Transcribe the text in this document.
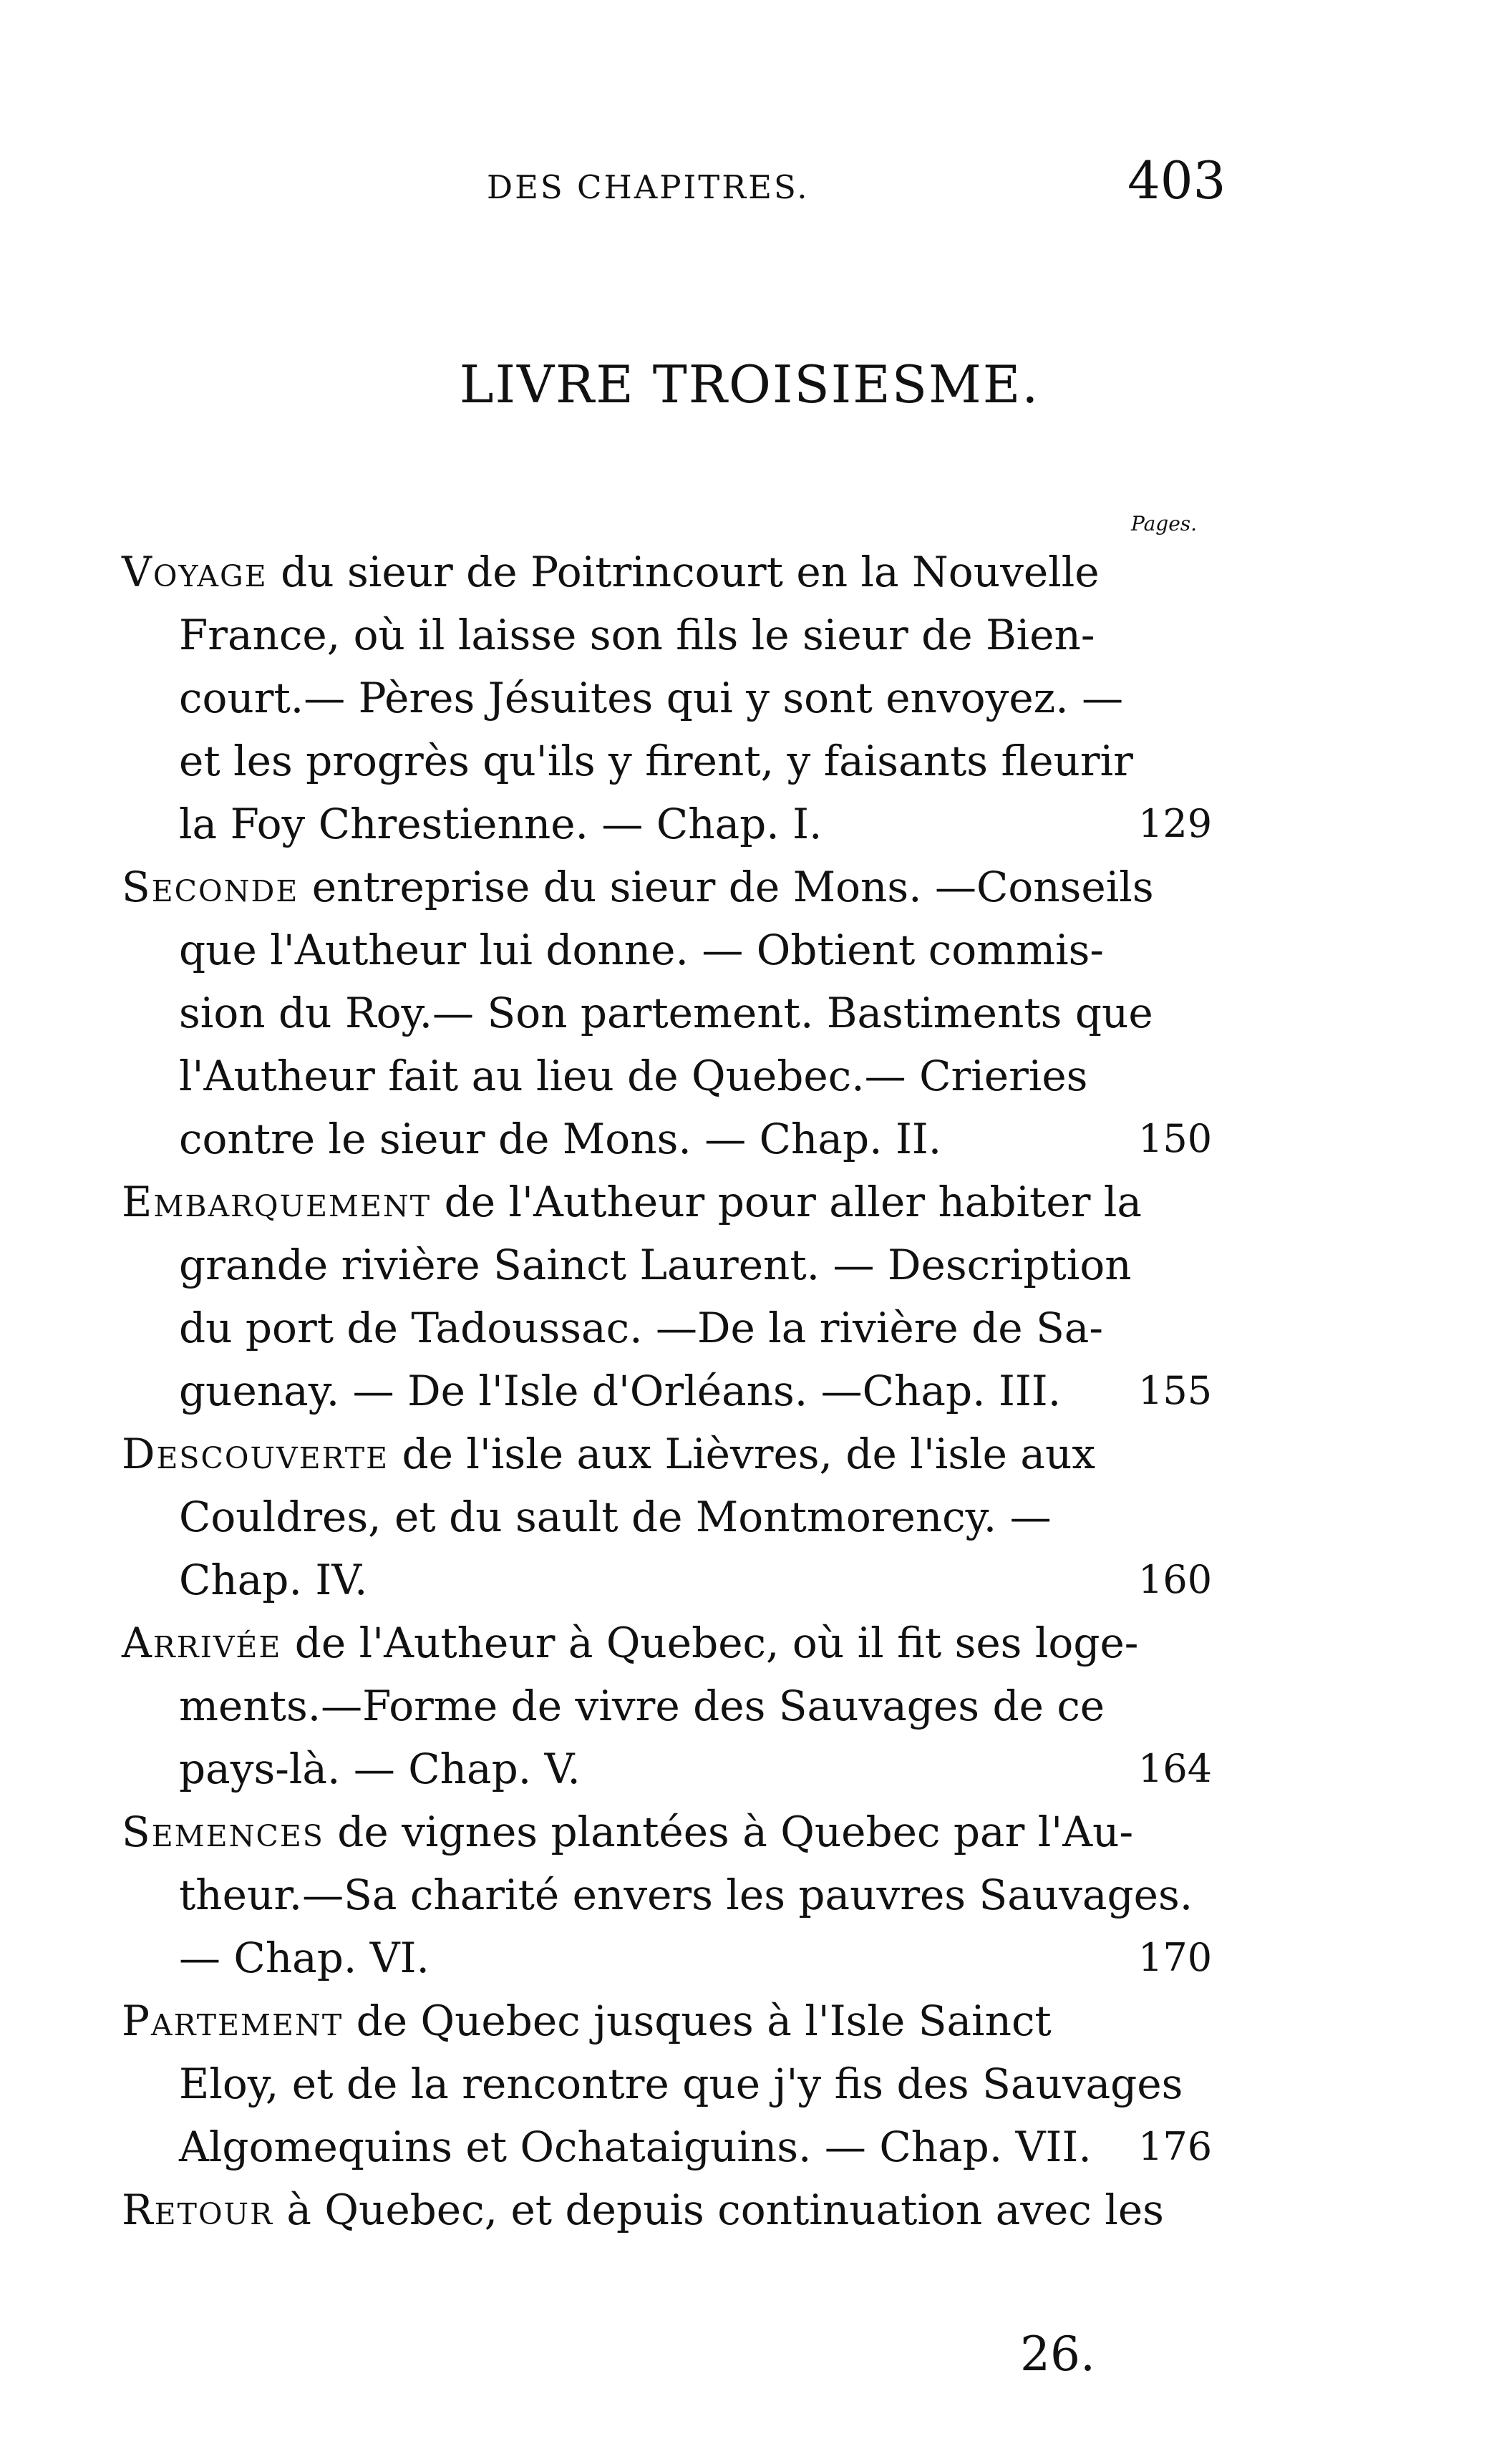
DES CHAPITRES.	403
LIVRE TROISIESME.
Pages.
Voyage du sieur de Poitrincourt en la Nouvelle
France, où il laisse son fils le sieur de Bien-
court.— Pères Jésuites qui y sont envoyez. —
et les progrès qu'ils y firent, y faisants fleurir
la Foy Chrestienne. — Chap. I.	129
Seconde entreprise du sieur de Mons. —Conseils
que l'Autheur lui donne. — Obtient commis-
sion du Roy.— Son partement. Bastiments que
l'Autheur fait au lieu de Quebec.— Crieries
contre le sieur de Mons. — Chap. II.	150
Embarquement de l'Autheur pour aller habiter la
grande rivière Sainct Laurent. — Description
du port de Tadoussac. —De la rivière de Sa-
guenay. — De l'Isle d'Orléans. —Chap. III. 155
Descouverte de l'isle aux Lièvres, de l'isle aux
Couldres, et du sault de Montmorency. —
Chap. IV.	160
Arrivée de l'Autheur à Quebec, où il fit ses loge-
ments.—Forme de vivre des Sauvages de ce
pays-là. — Chap. V.	164
Semences de vignes plantées à Quebec par l'Au-
theur.—Sa charité envers les pauvres Sauvages.
— Chap. VI.	170
Partement de Quebec jusques à l'Isle Sainct
Eloy, et de la rencontre que j'y fis des Sauvages
Algomequins et Ochataiguins. — Chap. VII. 176
Retour à Quebec, et depuis continuation avec les
26.
